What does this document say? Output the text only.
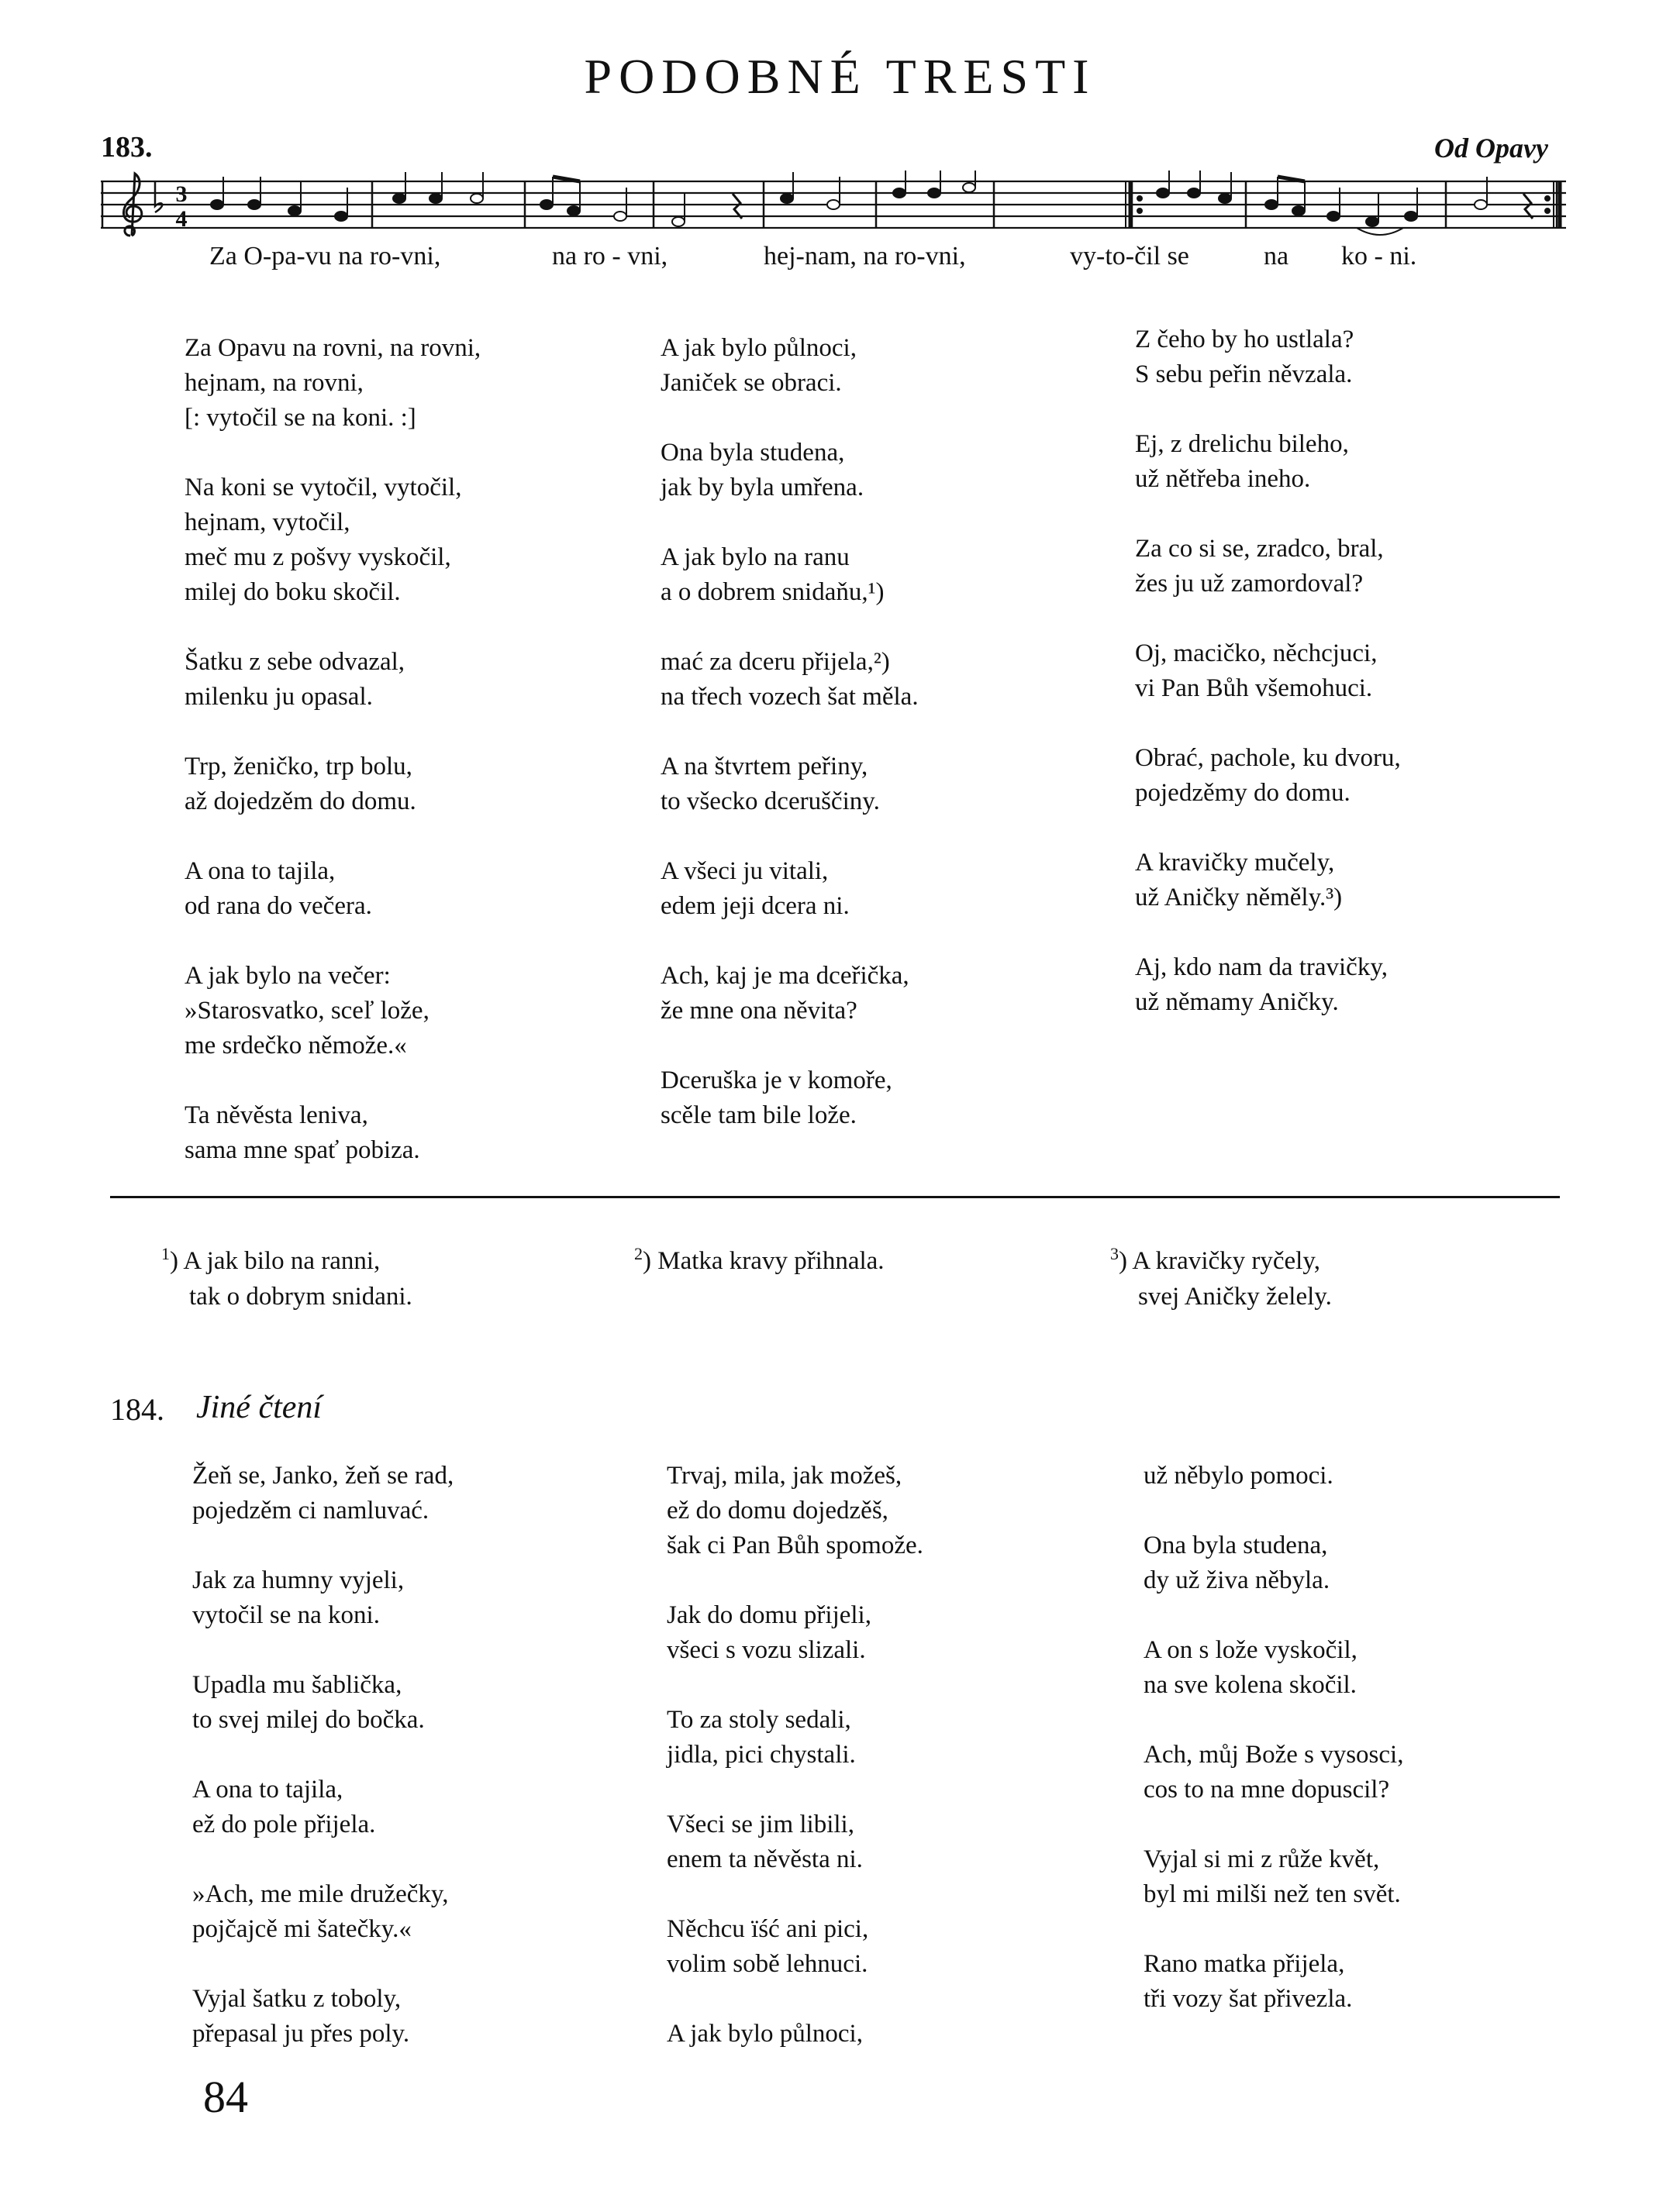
PODOBNÉ TRESTI
183.	Od Opavy
3
4
Za O-pa-vu na ro-vni,	na ro - vni,	hej-nam, na ro-vni,	vy-to-čil se	na ko - ni.
Za Opavu na rovni, na rovni,
hejnam, na rovni,
[: vytočil se na koni. :]
Na koni se vytočil, vytočil,
hejnam, vytočil,
meč mu z pošvy vyskočil,
milej do boku skočil.
Šatku z sebe odvazal,
milenku ju opasal.
Trp, ženičko, trp bolu,
až dojedzěm do domu.
A ona to tajila,
od rana do večera.
A jak bylo na večer:
»Starosvatko, sceľ lože,
me srdečko němože.«
Ta něvěsta leniva,
sama mne spať pobiza.
A jak bylo půlnoci,
Janiček se obraci.
Ona byla studena,
jak by byla umřena.
A jak bylo na ranu
a o dobrem snidaňu,¹)
mać za dceru přijela,²)
na třech vozech šat měla.
A na štvrtem peřiny,
to všecko dceruščiny.
A všeci ju vitali,
edem jeji dcera ni.
Ach, kaj je ma dceřička,
že mne ona něvita?
Dceruška je v komoře,
scěle tam bile lože.
Z čeho by ho ustlala?
S sebu peřin něvzala.
Ej, z drelichu bileho,
už nětřeba ineho.
Za co si se, zradco, bral,
žes ju už zamordoval?
Oj, macičko, něchcjuci,
vi Pan Bůh všemohuci.
Obrać, pachole, ku dvoru,
pojedzěmy do domu.
A kravičky mučely,
už Aničky něměly.³)
Aj, kdo nam da travičky,
už němamy Aničky.
$^1$) A jak bilo na ranni,
tak o dobrym snidani.
$^2$) Matka kravy přihnala.	$^3$) A kravičky ryčely,
svej Aničky želely.
184. Jiné čtení
Žeň se, Janko, žeň se rad,
pojedzěm ci namluvać.
Jak za humny vyjeli,
vytočil se na koni.
Upadla mu šablička,
to svej milej do bočka.
A ona to tajila,
ež do pole přijela.
»Ach, me mile družečky,
pojčajcě mi šatečky.«
Vyjal šatku z toboly,
přepasal ju přes poly.
Trvaj, mila, jak možeš,
ež do domu dojedzěš,
šak ci Pan Bůh spomože.
Jak do domu přijeli,
všeci s vozu slizali.
To za stoly sedali,
jidla, pici chystali.
Všeci se jim libili,
enem ta něvěsta ni.
Něchcu ïść ani pici,
volim sobě lehnuci.
A jak bylo půlnoci,
už něbylo pomoci.
Ona byla studena,
dy už živa něbyla.
A on s lože vyskočil,
na sve kolena skočil.
Ach, můj Bože s vysosci,
cos to na mne dopuscil?
Vyjal si mi z růže květ,
byl mi milši než ten svět.
Rano matka přijela,
tři vozy šat přivezla.
84
